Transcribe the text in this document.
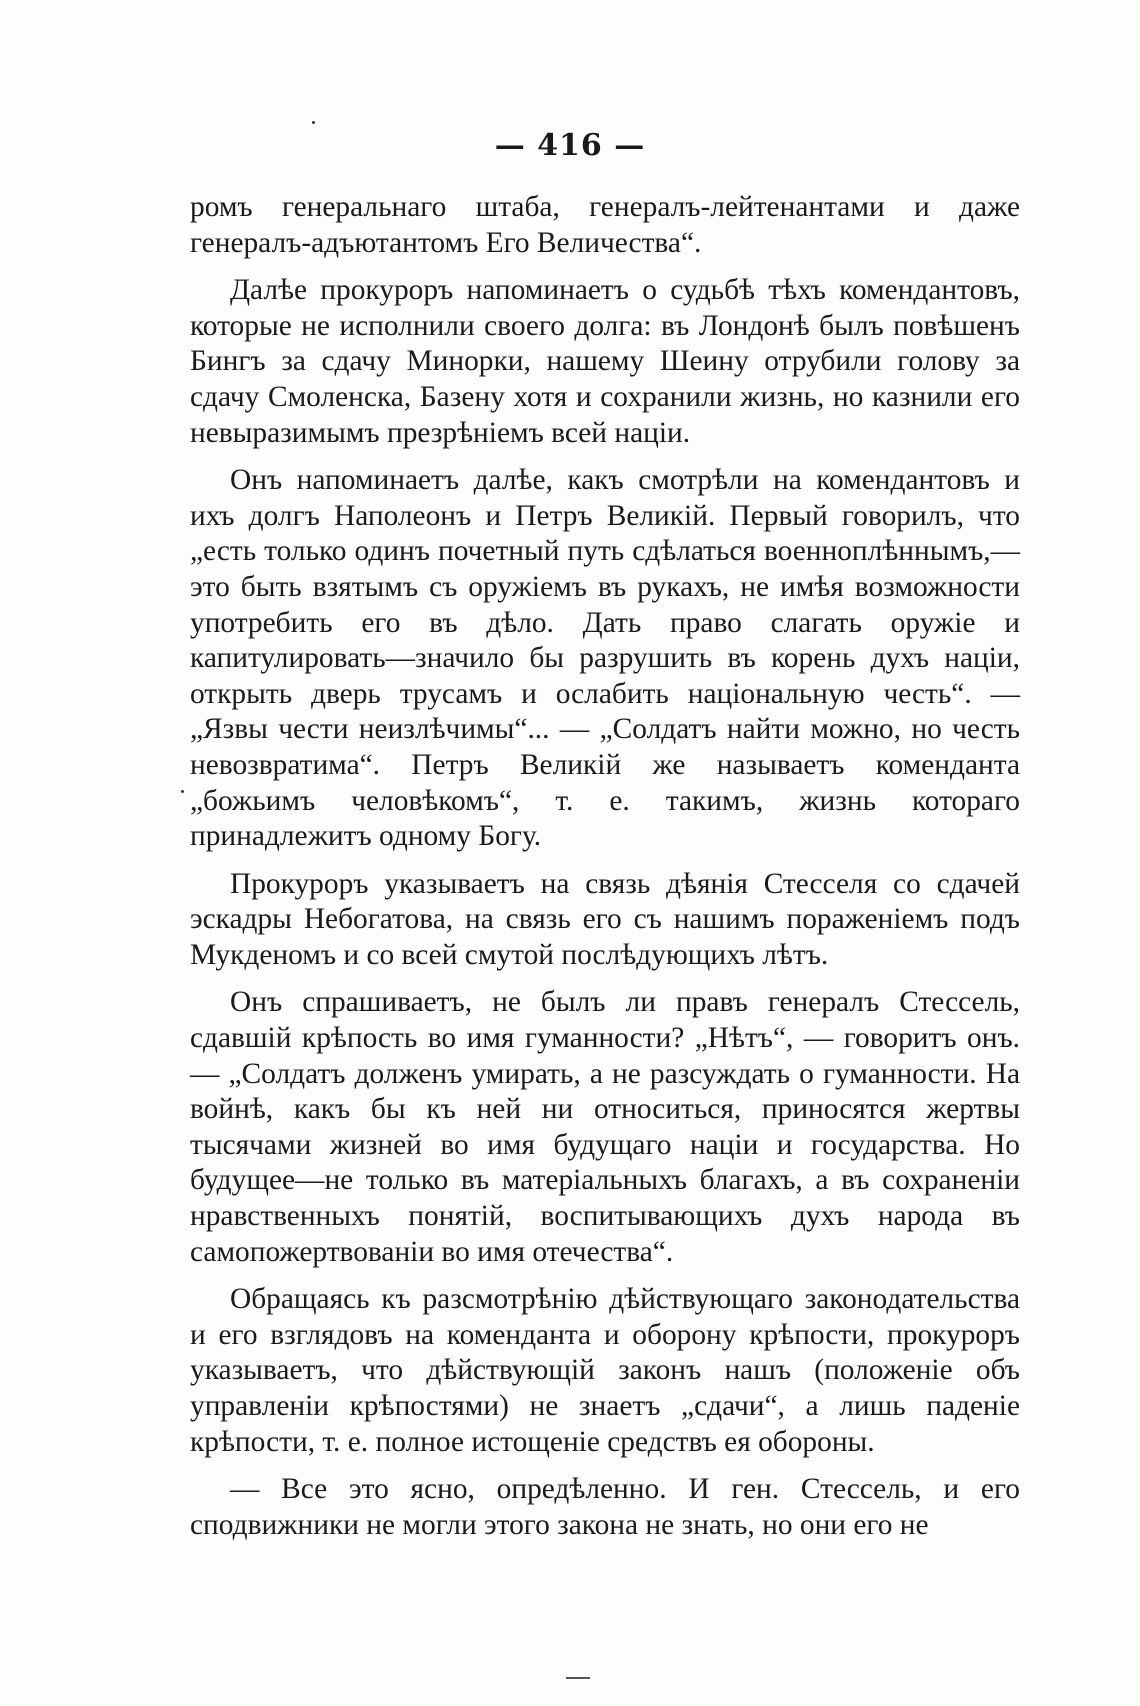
— 416 —

ромъ генеральнаго штаба, генералъ-лейтенантами и даже генералъ-адъютантомъ Его Величества“.

Далѣе прокуроръ напоминаетъ о судьбѣ тѣхъ комендантовъ, которые не исполнили своего долга: въ Лондонѣ былъ повѣшенъ Бингъ за сдачу Минорки, нашему Шеину отрубили голову за сдачу Смоленска, Базену хотя и сохранили жизнь, но казнили его невыразимымъ презрѣніемъ всей націи.

Онъ напоминаетъ далѣе, какъ смотрѣли на комендантовъ и ихъ долгъ Наполеонъ и Петръ Великій. Первый говорилъ, что „есть только одинъ почетный путь сдѣлаться военноплѣннымъ,—это быть взятымъ съ оружіемъ въ рукахъ, не имѣя возможности употребить его въ дѣло. Дать право слагать оружіе и капитулировать—значило бы разрушить въ корень духъ націи, открыть дверь трусамъ и ослабить національную честь“. — „Язвы чести неизлѣчимы“... — „Солдатъ найти можно, но честь невозвратима“. Петръ Великій же называетъ коменданта „божьимъ человѣкомъ“, т. е. такимъ, жизнь котораго принадлежитъ одному Богу.

Прокуроръ указываетъ на связь дѣянія Стесселя со сдачей эскадры Небогатова, на связь его съ нашимъ пораженіемъ подъ Мукденомъ и со всей смутой послѣдующихъ лѣтъ.

Онъ спрашиваетъ, не былъ ли правъ генералъ Стессель, сдавшій крѣпость во имя гуманности? „Нѣтъ“, — говоритъ онъ. — „Солдатъ долженъ умирать, а не разсуждать о гуманности. На войнѣ, какъ бы къ ней ни относиться, приносятся жертвы тысячами жизней во имя будущаго націи и государства. Но будущее—не только въ матеріальныхъ благахъ, а въ сохраненіи нравственныхъ понятій, воспитывающихъ духъ народа въ самопожертвованіи во имя отечества“.

Обращаясь къ разсмотрѣнію дѣйствующаго законодательства и его взглядовъ на коменданта и оборону крѣпости, прокуроръ указываетъ, что дѣйствующій законъ нашъ (положеніе объ управленіи крѣпостями) не знаетъ „сдачи“, а лишь паденіе крѣпости, т. е. полное истощеніе средствъ ея обороны.

— Все это ясно, опредѣленно. И ген. Стессель, и его сподвижники не могли этого закона не знать, но они его не
